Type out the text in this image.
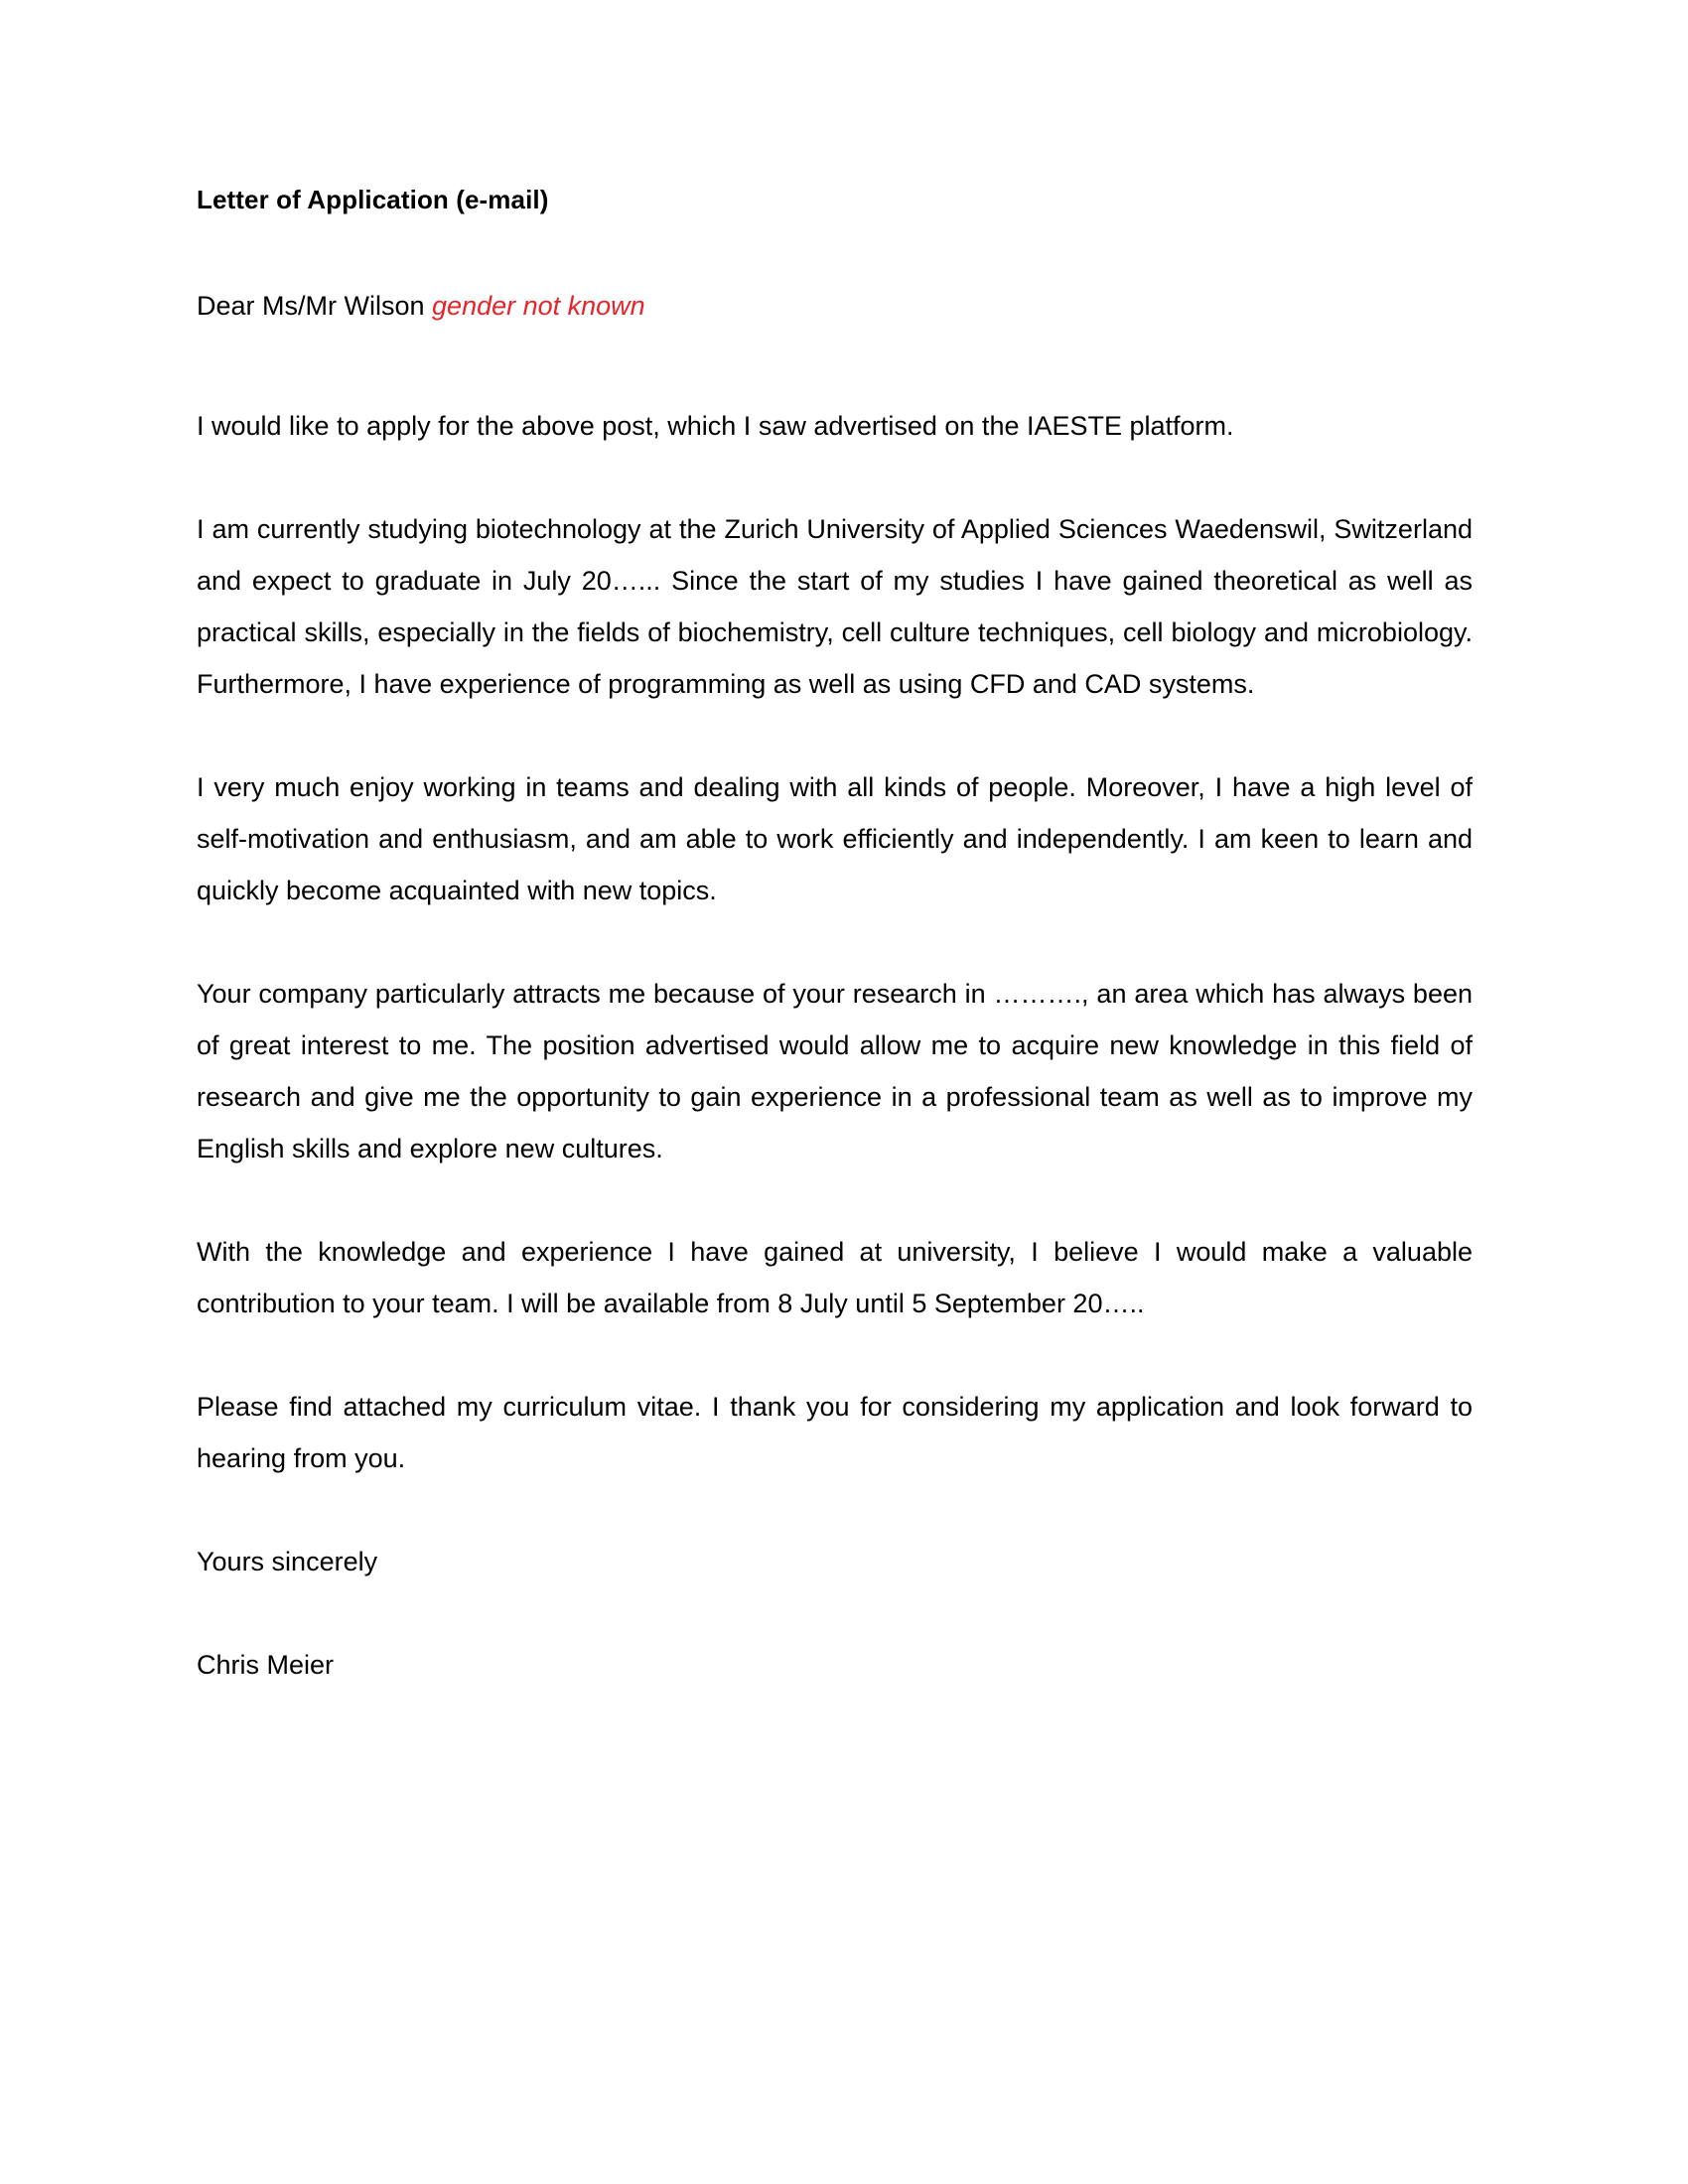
Letter of Application (e-mail)

Dear Ms/Mr Wilson gender not known

I would like to apply for the above post, which I saw advertised on the IAESTE platform.

I am currently studying biotechnology at the Zurich University of Applied Sciences Waedenswil, Switzerland and expect to graduate in July 20…... Since the start of my studies I have gained theoretical as well as practical skills, especially in the fields of biochemistry, cell culture techniques, cell biology and microbiology. Furthermore, I have experience of programming as well as using CFD and CAD systems.

I very much enjoy working in teams and dealing with all kinds of people. Moreover, I have a high level of self-motivation and enthusiasm, and am able to work efficiently and independently. I am keen to learn and quickly become acquainted with new topics.

Your company particularly attracts me because of your research in ………., an area which has always been of great interest to me. The position advertised would allow me to acquire new knowledge in this field of research and give me the opportunity to gain experience in a professional team as well as to improve my English skills and explore new cultures.

With the knowledge and experience I have gained at university, I believe I would make a valuable contribution to your team. I will be available from 8 July until 5 September 20…..

Please find attached my curriculum vitae. I thank you for considering my application and look forward to hearing from you.

Yours sincerely

Chris Meier
